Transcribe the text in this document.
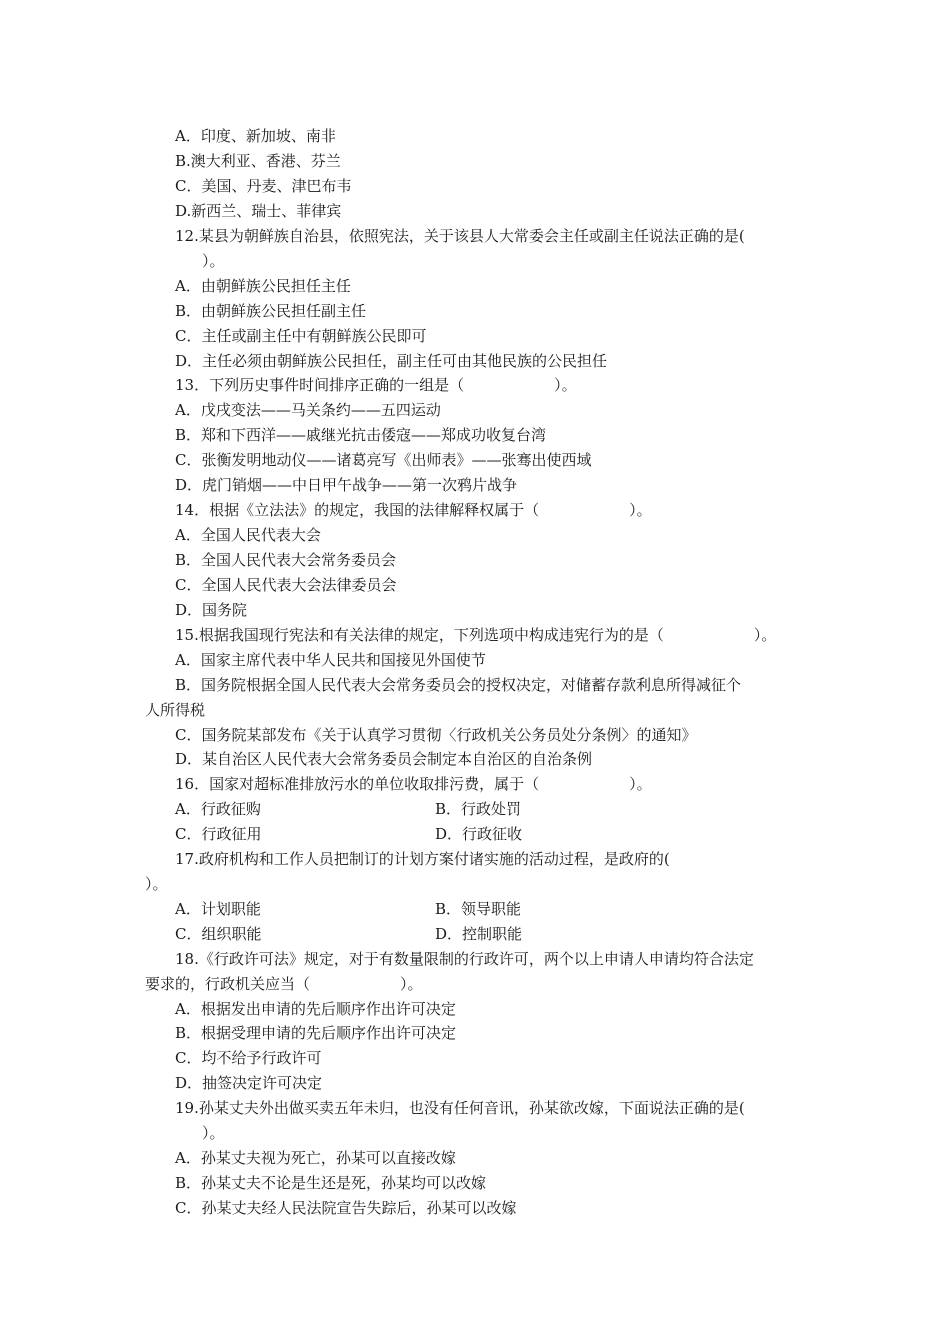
A．印度、新加坡、南非
B.澳大利亚、香港、芬兰
C．美国、丹麦、津巴布韦
D.新西兰、瑞士、菲律宾
12.某县为朝鲜族自治县，依照宪法，关于该县人大常委会主任或副主任说法正确的是(
）。
A．由朝鲜族公民担任主任
B．由朝鲜族公民担任副主任
C．主任或副主任中有朝鲜族公民即可
D．主任必须由朝鲜族公民担任，副主任可由其他民族的公民担任
13．下列历史事件时间排序正确的一组是（　　　　　　）。
A．戊戌变法——马关条约——五四运动
B．郑和下西洋——戚继光抗击倭寇——郑成功收复台湾
C．张衡发明地动仪——诸葛亮写《出师表》——张骞出使西域
D．虎门销烟——中日甲午战争——第一次鸦片战争
14．根据《立法法》的规定，我国的法律解释权属于（　　　　　　）。
A．全国人民代表大会
B．全国人民代表大会常务委员会
C．全国人民代表大会法律委员会
D．国务院
15.根据我国现行宪法和有关法律的规定，下列选项中构成违宪行为的是（　　　　　　）。
A．国家主席代表中华人民共和国接见外国使节
B．国务院根据全国人民代表大会常务委员会的授权决定，对储蓄存款利息所得减征个
人所得税
C．国务院某部发布《关于认真学习贯彻〈行政机关公务员处分条例〉的通知》
D．某自治区人民代表大会常务委员会制定本自治区的自治条例
16．国家对超标准排放污水的单位收取排污费，属于（　　　　　　）。
A．行政征购	B．行政处罚
C．行政征用	D．行政征收
17.政府机构和工作人员把制订的计划方案付诸实施的活动过程，是政府的(
）。
A．计划职能	B．领导职能
C．组织职能	D．控制职能
18.《行政许可法》规定，对于有数量限制的行政许可，两个以上申请人申请均符合法定
要求的，行政机关应当（　　　　　　）。
A．根据发出申请的先后顺序作出许可决定
B．根据受理申请的先后顺序作出许可决定
C．均不给予行政许可
D．抽签决定许可决定
19.孙某丈夫外出做买卖五年未归，也没有任何音讯，孙某欲改嫁，下面说法正确的是(
）。
A．孙某丈夫视为死亡，孙某可以直接改嫁
B．孙某丈夫不论是生还是死，孙某均可以改嫁
C．孙某丈夫经人民法院宣告失踪后，孙某可以改嫁
